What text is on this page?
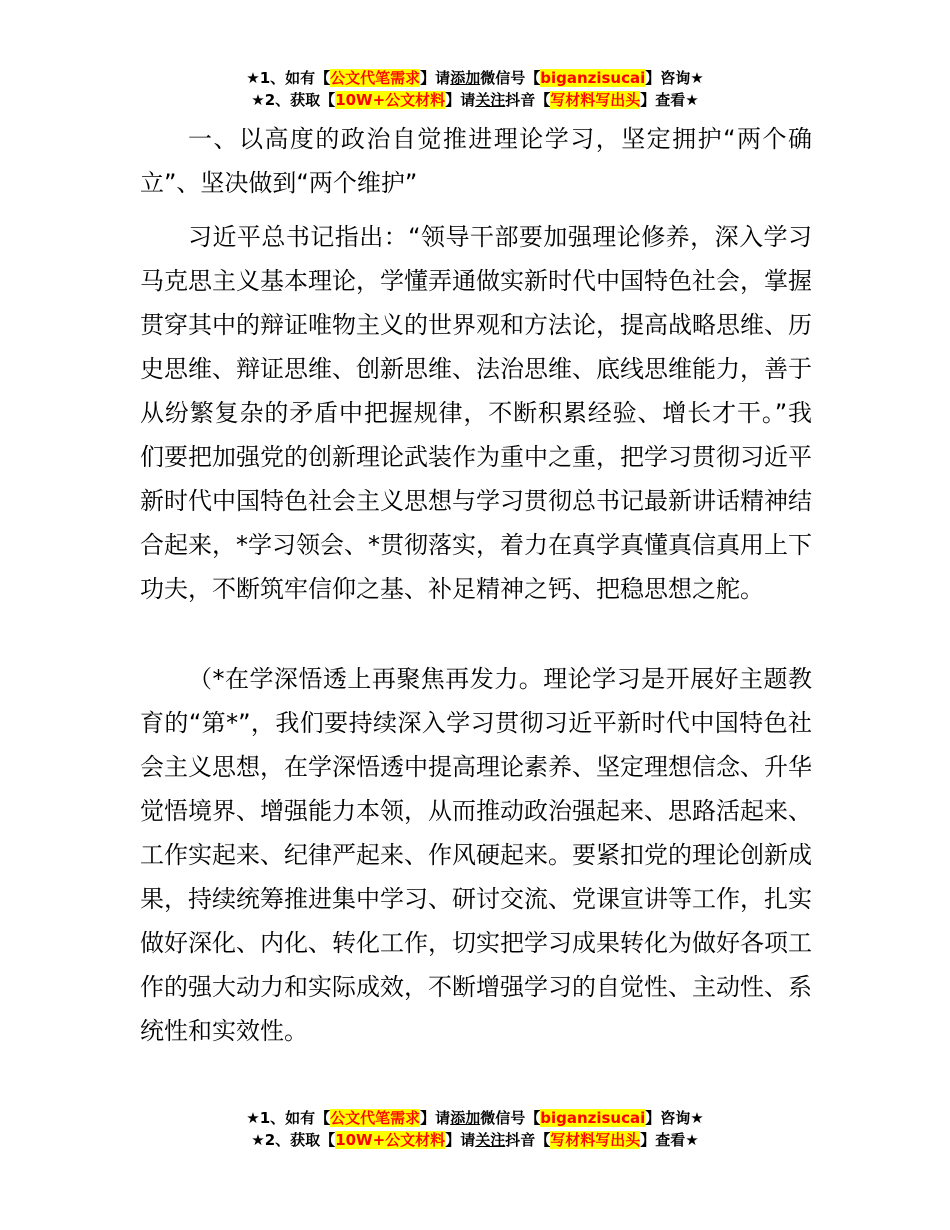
★1、如有【公文代笔需求】请添加微信号【biganzisucai】咨询★
★2、获取【10W+公文材料】请关注抖音【写材料写出头】查看★

一、以高度的政治自觉推进理论学习，坚定拥护“两个确立”、坚决做到“两个维护”

习近平总书记指出：“领导干部要加强理论修养，深入学习马克思主义基本理论，学懂弄通做实新时代中国特色社会，掌握贯穿其中的辩证唯物主义的世界观和方法论，提高战略思维、历史思维、辩证思维、创新思维、法治思维、底线思维能力，善于从纷繁复杂的矛盾中把握规律，不断积累经验、增长才干。”我们要把加强党的创新理论武装作为重中之重，把学习贯彻习近平新时代中国特色社会主义思想与学习贯彻总书记最新讲话精神结合起来，*学习领会、*贯彻落实，着力在真学真懂真信真用上下功夫，不断筑牢信仰之基、补足精神之钙、把稳思想之舵。

（*在学深悟透上再聚焦再发力。理论学习是开展好主题教育的“第*”，我们要持续深入学习贯彻习近平新时代中国特色社会主义思想，在学深悟透中提高理论素养、坚定理想信念、升华觉悟境界、增强能力本领，从而推动政治强起来、思路活起来、工作实起来、纪律严起来、作风硬起来。要紧扣党的理论创新成果，持续统筹推进集中学习、研讨交流、党课宣讲等工作，扎实做好深化、内化、转化工作，切实把学习成果转化为做好各项工作的强大动力和实际成效，不断增强学习的自觉性、主动性、系统性和实效性。

★1、如有【公文代笔需求】请添加微信号【biganzisucai】咨询★
★2、获取【10W+公文材料】请关注抖音【写材料写出头】查看★
